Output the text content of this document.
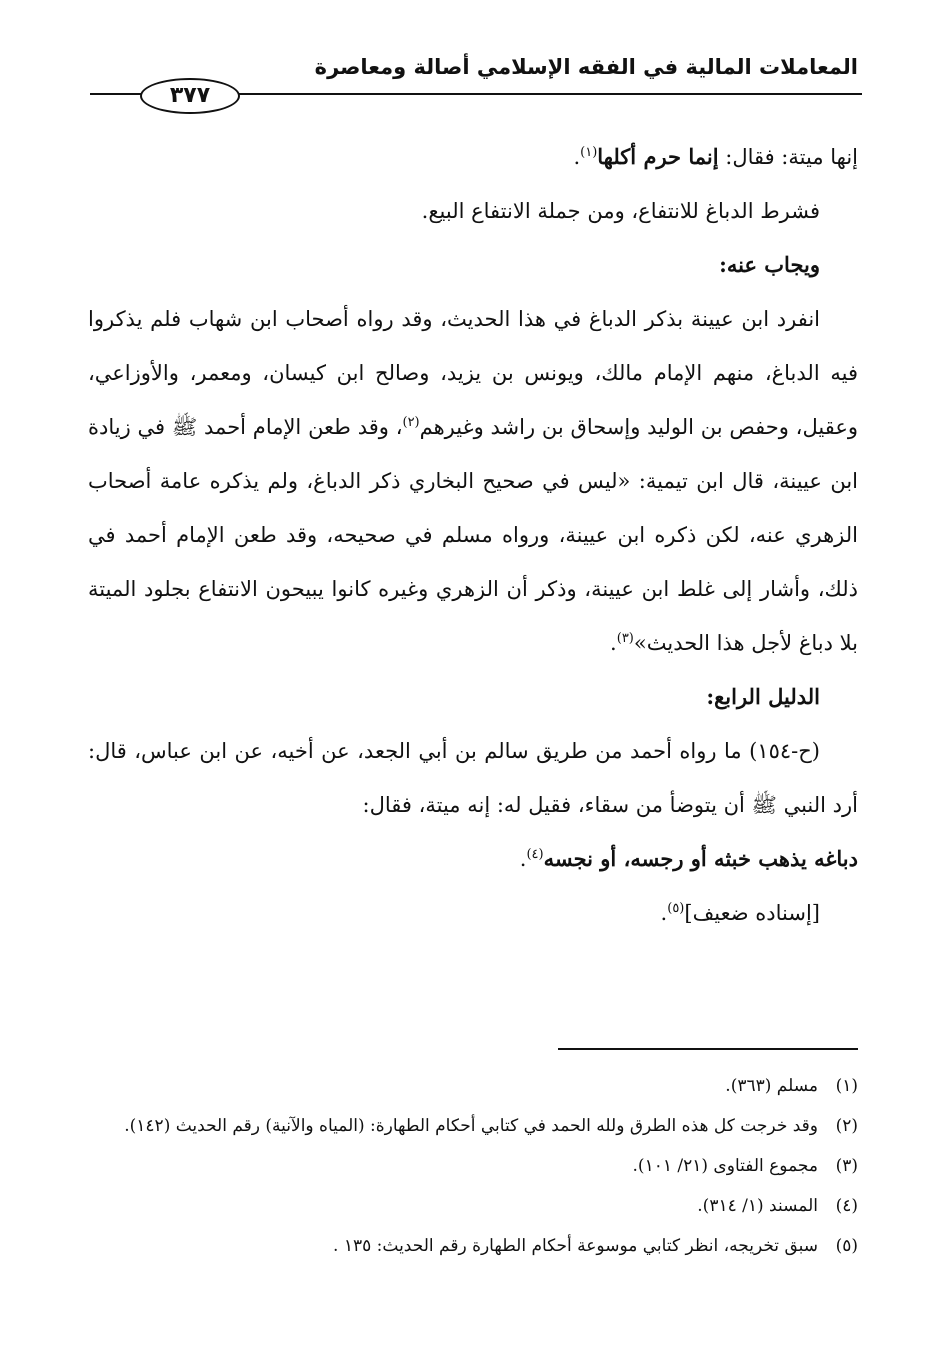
المعاملات المالية في الفقه الإسلامي أصالة ومعاصرة
٣٧٧

إنها ميتة: فقال: إنما حرم أكلها$^{(١)}$.

فشرط الدباغ للانتفاع، ومن جملة الانتفاع البيع.

ويجاب عنه:

انفرد ابن عيينة بذكر الدباغ في هذا الحديث، وقد رواه أصحاب ابن شهاب فلم يذكروا فيه الدباغ، منهم الإمام مالك، ويونس بن يزيد، وصالح ابن كيسان، ومعمر، والأوزاعي، وعقيل، وحفص بن الوليد وإسحاق بن راشد وغيرهم$^{(٢)}$، وقد طعن الإمام أحمد ﷺ في زيادة ابن عيينة، قال ابن تيمية: «ليس في صحيح البخاري ذكر الدباغ، ولم يذكره عامة أصحاب الزهري عنه، لكن ذكره ابن عيينة، ورواه مسلم في صحيحه، وقد طعن الإمام أحمد في ذلك، وأشار إلى غلط ابن عيينة، وذكر أن الزهري وغيره كانوا يبيحون الانتفاع بجلود الميتة بلا دباغ لأجل هذا الحديث»$^{(٣)}$.

الدليل الرابع:

(ح-١٥٤) ما رواه أحمد من طريق سالم بن أبي الجعد، عن أخيه، عن ابن عباس، قال: أرد النبي ﷺ أن يتوضأ من سقاء، فقيل له: إنه ميتة، فقال:
دباغه يذهب خبثه أو رجسه، أو نجسه$^{(٤)}$.

[إسناده ضعيف]$^{(٥)}$.

(١)
مسلم (٣٦٣).
(٢)
وقد خرجت كل هذه الطرق ولله الحمد في كتابي أحكام الطهارة: (المياه والآنية) رقم الحديث (١٤٢).
(٣)
مجموع الفتاوى (٢١/ ١٠١).
(٤)
المسند (١/ ٣١٤).
(٥)
سبق تخريجه، انظر كتابي موسوعة أحكام الطهارة رقم الحديث: ١٣٥ .
